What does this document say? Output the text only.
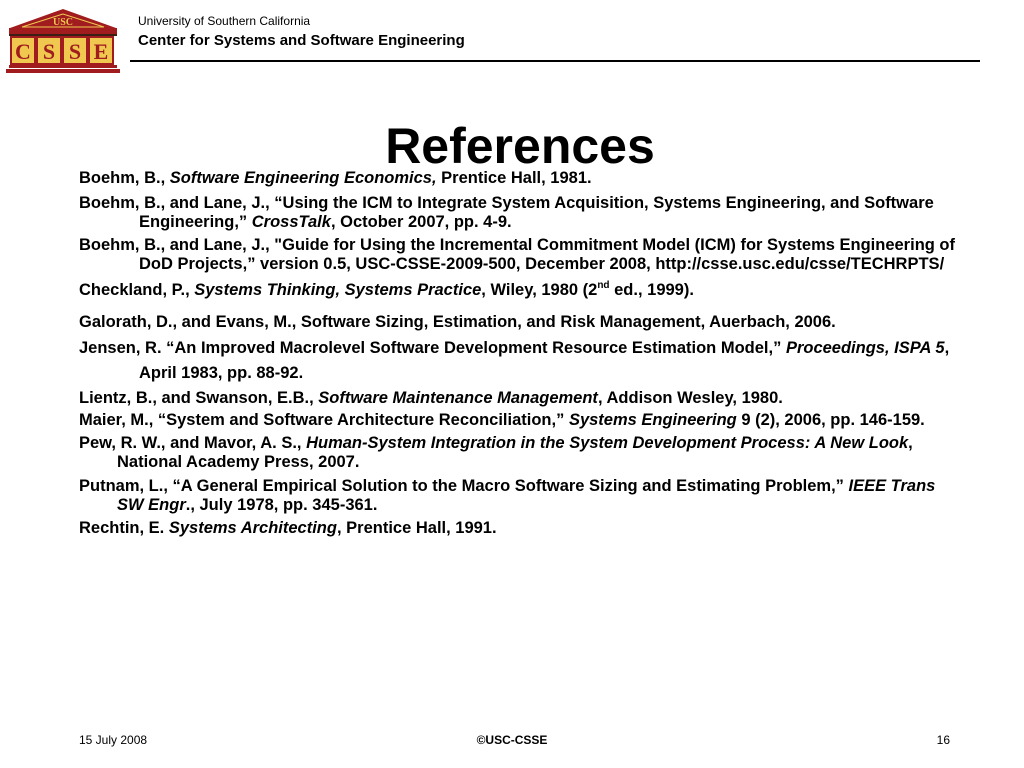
USC
C S S E
University of Southern California
Center for Systems and Software Engineering
References
Boehm, B., Software Engineering Economics, Prentice Hall, 1981.
Boehm, B., and Lane, J., “Using the ICM to Integrate System Acquisition, Systems Engineering, and Software Engineering,” CrossTalk, October 2007, pp. 4-9.
Boehm, B., and Lane, J., "Guide for Using the Incremental Commitment Model (ICM) for Systems Engineering of DoD Projects,” version 0.5, USC-CSSE-2009-500, December 2008, http://csse.usc.edu/csse/TECHRPTS/
Checkland, P., Systems Thinking, Systems Practice, Wiley, 1980 (2nd ed., 1999).
Galorath, D., and Evans, M., Software Sizing, Estimation, and Risk Management, Auerbach, 2006.
Jensen, R. “An Improved Macrolevel Software Development Resource Estimation Model,” Proceedings, ISPA 5, April 1983, pp. 88-92.
Lientz, B., and Swanson, E.B., Software Maintenance Management, Addison Wesley, 1980.
Maier, M., “System and Software Architecture Reconciliation,” Systems Engineering 9 (2), 2006, pp. 146-159.
Pew, R. W., and Mavor, A. S., Human-System Integration in the System Development Process: A New Look, National Academy Press, 2007.
Putnam, L., “A General Empirical Solution to the Macro Software Sizing and Estimating Problem,” IEEE Trans SW Engr., July 1978, pp. 345-361.
Rechtin, E. Systems Architecting, Prentice Hall, 1991.
15 July 2008	©USC-CSSE	16
